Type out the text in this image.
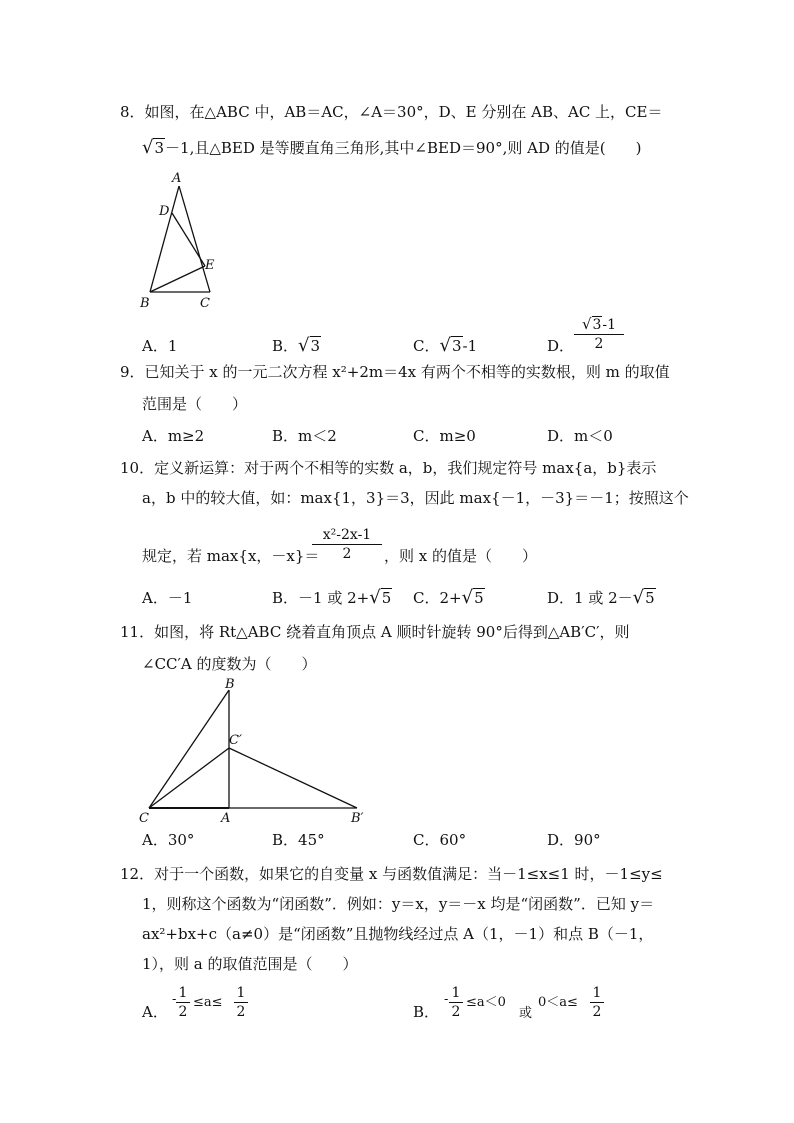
8．如图，在△ABC 中，AB＝AC，∠A＝30°，D、E 分别在 AB、AC 上，CE＝
√3－1,且△BED 是等腰直角三角形,其中∠BED＝90°,则 AD 的值是(　　)
A
D
E
B	C
A．1	B．√3	C．√3-1	D． $\frac{√3-1}{2}$
9．已知关于 x 的一元二次方程 x²+2m＝4x 有两个不相等的实数根，则 m 的取值
范围是（　　）
A．m≥2	B．m＜2	C．m≥0	D．m＜0
10．定义新运算：对于两个不相等的实数 a，b，我们规定符号 max{a，b}表示
a，b 中的较大值，如：max{1，3}＝3，因此 max{－1，－3}＝－1；按照这个
规定，若 max{x，－x}＝
$\frac{\text{x²-2x-1}}{2}$ ，则 x 的值是（　　）
A．－1	B．－1 或 2+√5 C．2+√5	D．1 或 2－√5
11．如图，将 Rt△ABC 绕着直角顶点 A 顺时针旋转 90°后得到△AB′C′，则
∠CC′A 的度数为（　　）
B
C′
C	A	B′
A．30°	B．45°	C．60°	D．90°
12．对于一个函数，如果它的自变量 x 与函数值满足：当－1≤x≤1 时，－1≤y≤
1，则称这个函数为“闭函数”．例如：y＝x，y＝－x 均是“闭函数”．已知 y＝
ax²+bx+c（a≠0）是“闭函数”且抛物线经过点 A（1，－1）和点 B（－1，
1），则 a 的取值范围是（　　）
A．
- $\frac{1}{2} \le a\le \frac{1}{2}$	B．
- $\frac{1}{2} \le a<0$
或
$0<a\le \frac{1}{2}$
